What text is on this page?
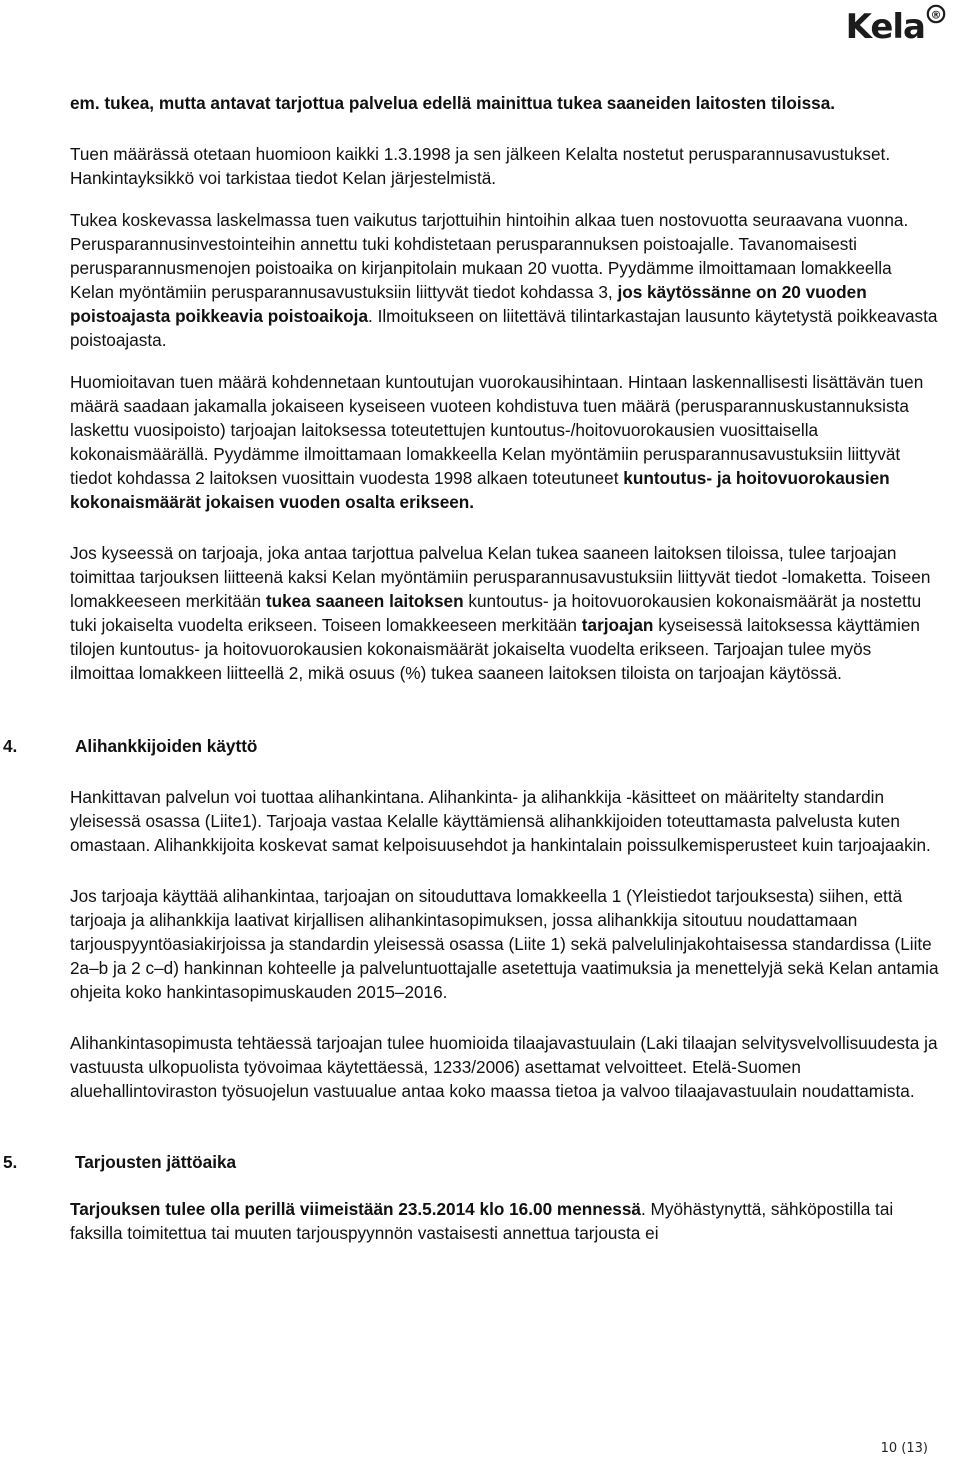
Kela ®

em. tukea, mutta antavat tarjottua palvelua edellä mainittua tukea saaneiden laitosten tiloissa.

Tuen määrässä otetaan huomioon kaikki 1.3.1998 ja sen jälkeen Kelalta nostetut perusparannusavustukset. Hankintayksikkö voi tarkistaa tiedot Kelan järjestelmistä.

Tukea koskevassa laskelmassa tuen vaikutus tarjottuihin hintoihin alkaa tuen nostovuotta seuraavana vuonna. Perusparannusinvestointeihin annettu tuki kohdistetaan perusparannuksen poistoajalle. Tavanomaisesti perusparannusmenojen poistoaika on kirjanpitolain mukaan 20 vuotta. Pyydämme ilmoittamaan lomakkeella Kelan myöntämiin perusparannusavustuksiin liittyvät tiedot kohdassa 3, jos käytössänne on 20 vuoden poistoajasta poikkeavia poistoaikoja. Ilmoitukseen on liitettävä tilintarkastajan lausunto käytetystä poikkeavasta poistoajasta.

Huomioitavan tuen määrä kohdennetaan kuntoutujan vuorokausihintaan. Hintaan laskennallisesti lisättävän tuen määrä saadaan jakamalla jokaiseen kyseiseen vuoteen kohdistuva tuen määrä (perusparannuskustannuksista laskettu vuosipoisto) tarjoajan laitoksessa toteutettujen kuntoutus-/hoitovuorokausien vuosittaisella kokonaismäärällä. Pyydämme ilmoittamaan lomakkeella Kelan myöntämiin perusparannusavustuksiin liittyvät tiedot kohdassa 2 laitoksen vuosittain vuodesta 1998 alkaen toteutuneet kuntoutus- ja hoitovuorokausien kokonaismäärät jokaisen vuoden osalta erikseen.

Jos kyseessä on tarjoaja, joka antaa tarjottua palvelua Kelan tukea saaneen laitoksen tiloissa, tulee tarjoajan toimittaa tarjouksen liitteenä kaksi Kelan myöntämiin perusparannusavustuksiin liittyvät tiedot -lomaketta. Toiseen lomakkeeseen merkitään tukea saaneen laitoksen kuntoutus- ja hoitovuorokausien kokonaismäärät ja nostettu tuki jokaiselta vuodelta erikseen. Toiseen lomakkeeseen merkitään tarjoajan kyseisessä laitoksessa käyttämien tilojen kuntoutus- ja hoitovuorokausien kokonaismäärät jokaiselta vuodelta erikseen. Tarjoajan tulee myös ilmoittaa lomakkeen liitteellä 2, mikä osuus (%) tukea saaneen laitoksen tiloista on tarjoajan käytössä.

4.	Alihankkijoiden käyttö

Hankittavan palvelun voi tuottaa alihankintana. Alihankinta- ja alihankkija -käsitteet on määritelty standardin yleisessä osassa (Liite1). Tarjoaja vastaa Kelalle käyttämiensä alihankkijoiden toteuttamasta palvelusta kuten omastaan. Alihankkijoita koskevat samat kelpoisuusehdot ja hankintalain poissulkemisperusteet kuin tarjoajaakin.

Jos tarjoaja käyttää alihankintaa, tarjoajan on sitouduttava lomakkeella 1 (Yleistiedot tarjouksesta) siihen, että tarjoaja ja alihankkija laativat kirjallisen alihankintasopimuksen, jossa alihankkija sitoutuu noudattamaan tarjouspyyntöasiakirjoissa ja standardin yleisessä osassa (Liite 1) sekä palvelulinjakohtaisessa standardissa (Liite 2a–b ja 2 c–d) hankinnan kohteelle ja palveluntuottajalle asetettuja vaatimuksia ja menettelyjä sekä Kelan antamia ohjeita koko hankintasopimuskauden 2015–2016.

Alihankintasopimusta tehtäessä tarjoajan tulee huomioida tilaajavastuulain (Laki tilaajan selvitysvelvollisuudesta ja vastuusta ulkopuolista työvoimaa käytettäessä, 1233/2006) asettamat velvoitteet. Etelä-Suomen aluehallintoviraston työsuojelun vastuualue antaa koko maassa tietoa ja valvoo tilaajavastuulain noudattamista.

5.	Tarjousten jättöaika

Tarjouksen tulee olla perillä viimeistään 23.5.2014 klo 16.00 mennessä. Myöhästynyttä, sähköpostilla tai faksilla toimitettua tai muuten tarjouspyynnön vastaisesti annettua tarjousta ei

10 (13)
